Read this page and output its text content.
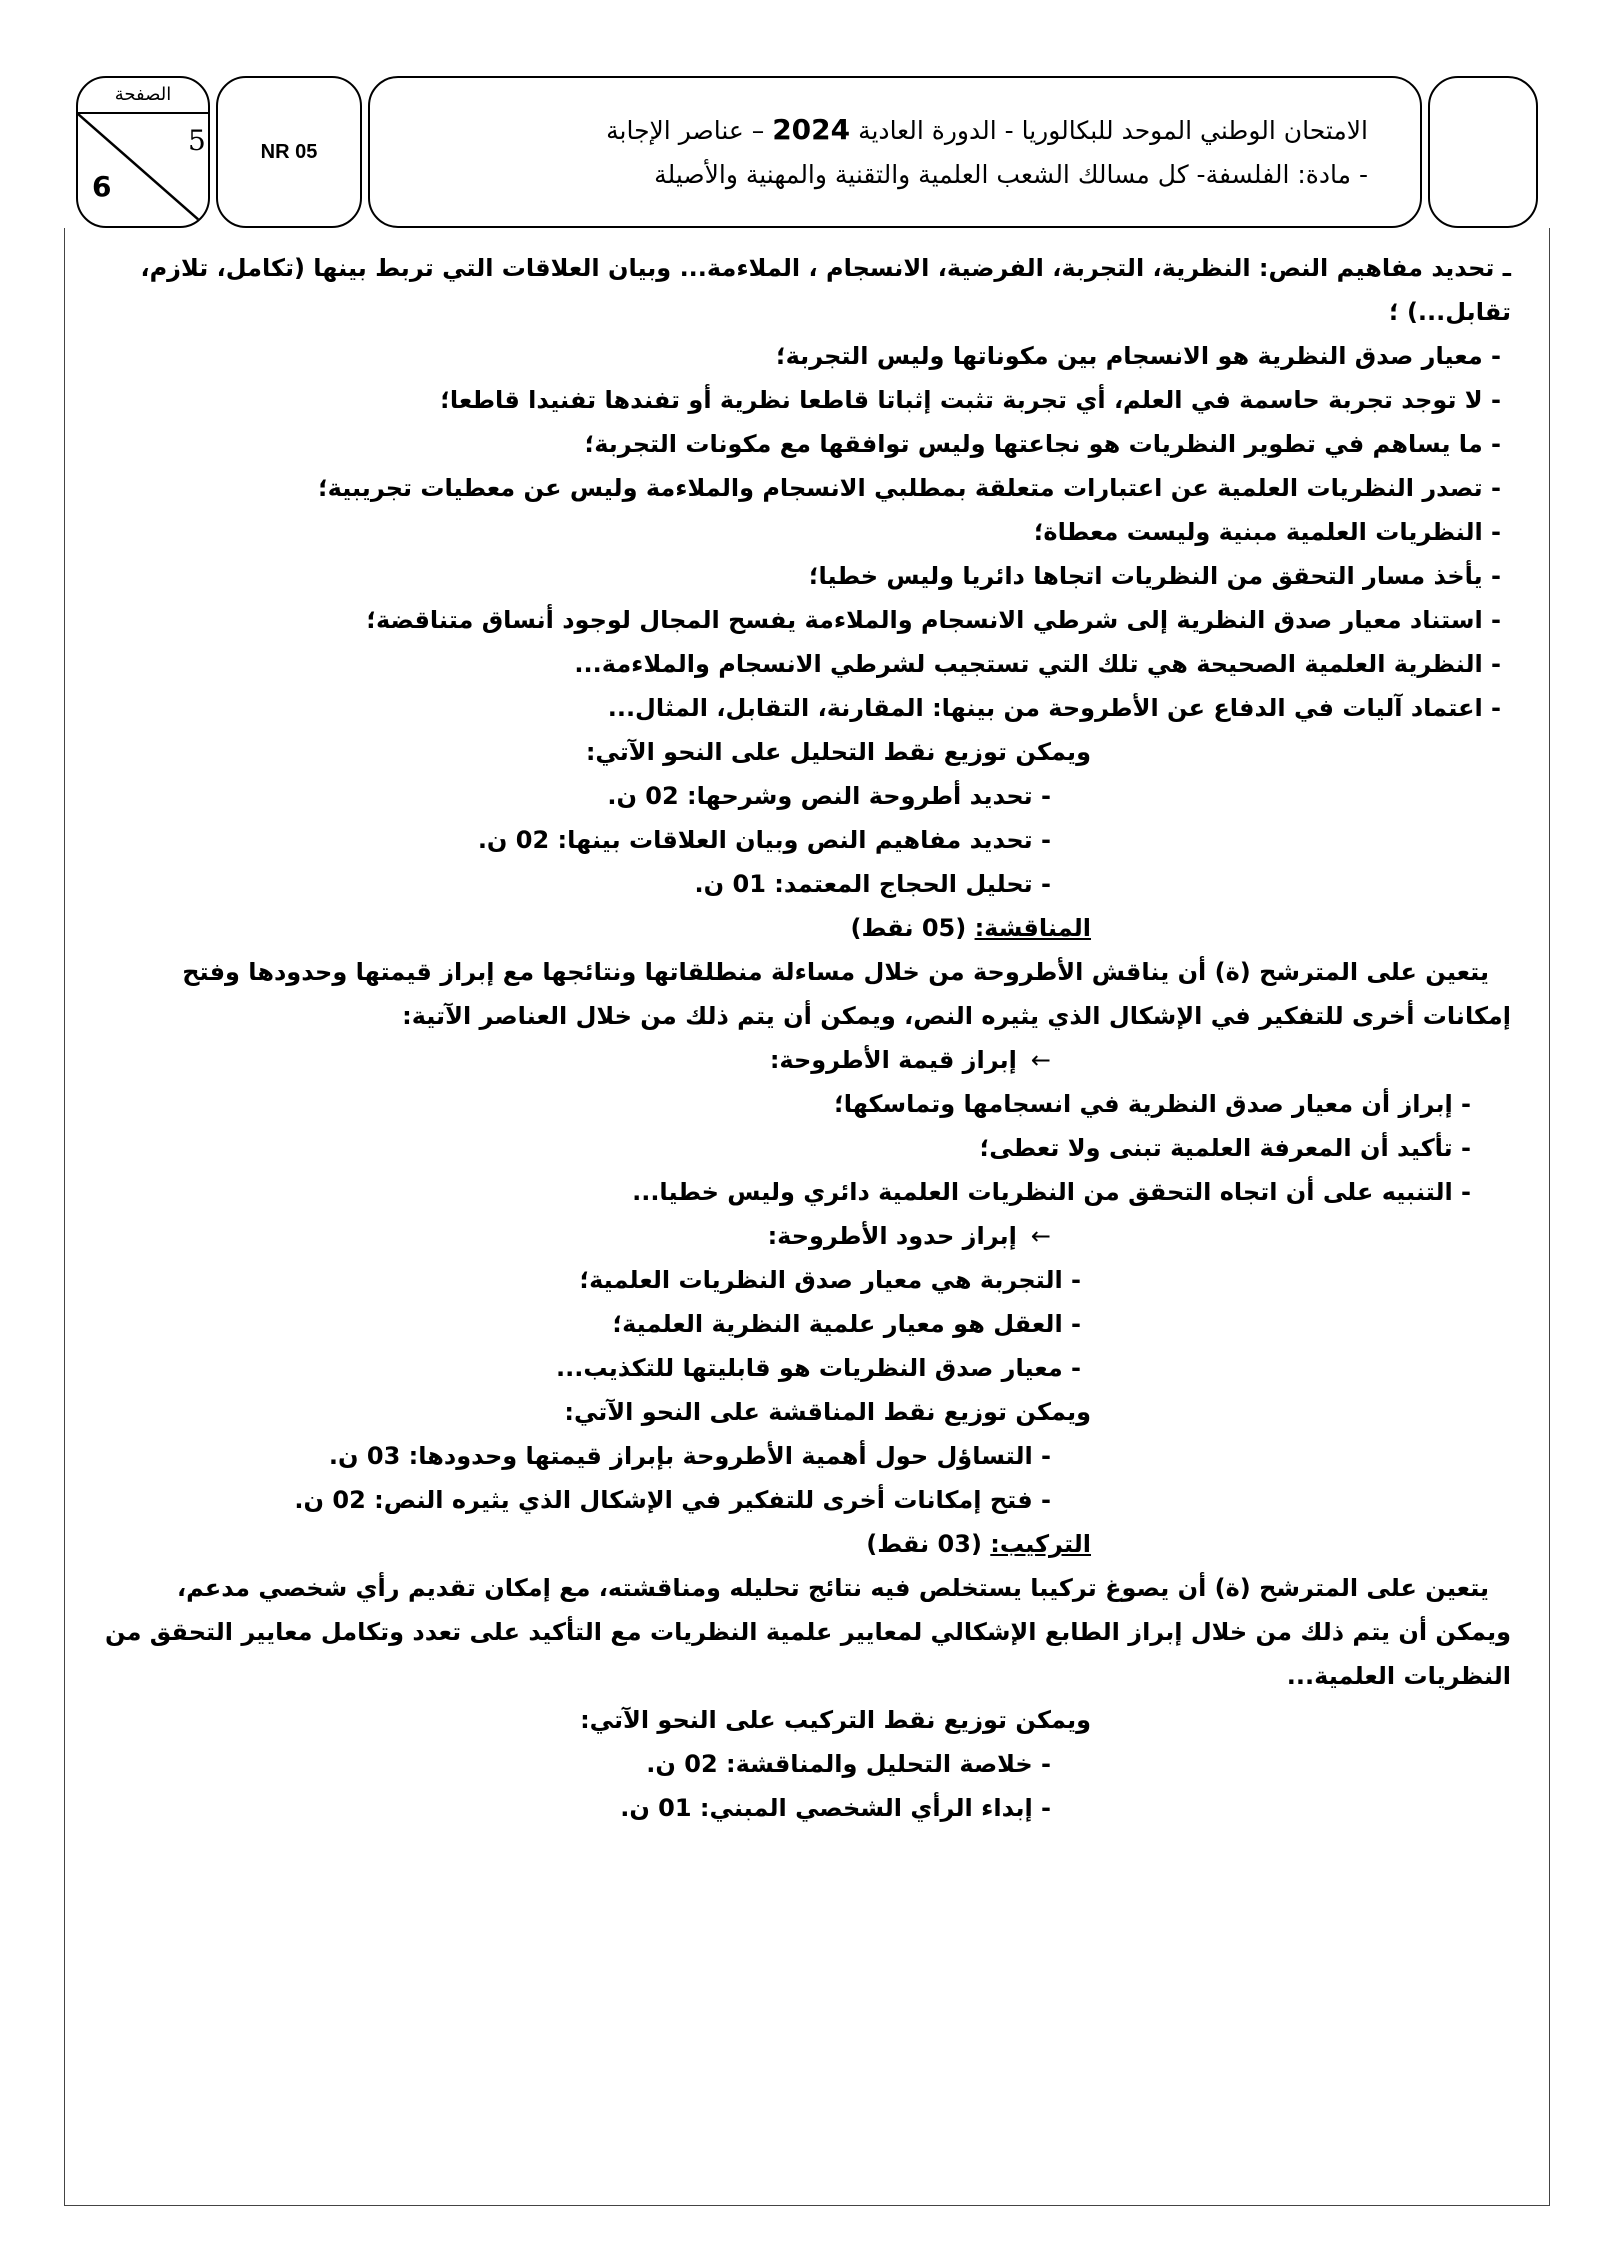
الصفحة
5
6
NR 05
الامتحان الوطني الموحد للبكالوريا - الدورة العادية 2024 – عناصر الإجابة
- مادة: الفلسفة- كل مسالك الشعب العلمية والتقنية والمهنية والأصيلة
ـ تحديد مفاهيم النص: النظرية، التجربة، الفرضية، الانسجام ، الملاءمة... وبيان العلاقات التي تربط بينها (تكامل، تلازم، تقابل...) ؛
- معيار صدق النظرية هو الانسجام بين مكوناتها وليس التجربة؛
- لا توجد تجربة حاسمة في العلم، أي تجربة تثبت إثباتا قاطعا نظرية أو تفندها تفنيدا قاطعا؛
- ما يساهم في تطوير النظريات هو نجاعتها وليس توافقها مع مكونات التجربة؛
- تصدر النظريات العلمية عن اعتبارات متعلقة بمطلبي الانسجام والملاءمة وليس عن معطيات تجريبية؛
- النظريات العلمية مبنية وليست معطاة؛
- يأخذ مسار التحقق من النظريات اتجاها دائريا وليس خطيا؛
- استناد معيار صدق النظرية إلى شرطي الانسجام والملاءمة يفسح المجال لوجود أنساق متناقضة؛
- النظرية العلمية الصحيحة هي تلك التي تستجيب لشرطي الانسجام والملاءمة...
- اعتماد آليات في الدفاع عن الأطروحة من بينها: المقارنة، التقابل، المثال...
ويمكن توزيع نقط التحليل على النحو الآتي:
- تحديد أطروحة النص وشرحها: 02 ن.
- تحديد مفاهيم النص وبيان العلاقات بينها: 02 ن.
- تحليل الحجاج المعتمد: 01 ن.
المناقشة: (05 نقط)
يتعين على المترشح (ة) أن يناقش الأطروحة من خلال مساءلة منطلقاتها ونتائجها مع إبراز قيمتها وحدودها وفتح إمكانات أخرى للتفكير في الإشكال الذي يثيره النص، ويمكن أن يتم ذلك من خلال العناصر الآتية:
←إبراز قيمة الأطروحة:
- إبراز أن معيار صدق النظرية في انسجامها وتماسكها؛
- تأكيد أن المعرفة العلمية تبنى ولا تعطى؛
- التنبيه على أن اتجاه التحقق من النظريات العلمية دائري وليس خطيا...
←إبراز حدود الأطروحة:
- التجربة هي معيار صدق النظريات العلمية؛
- العقل هو معيار علمية النظرية العلمية؛
- معيار صدق النظريات هو قابليتها للتكذيب...
ويمكن توزيع نقط المناقشة على النحو الآتي:
- التساؤل حول أهمية الأطروحة بإبراز قيمتها وحدودها: 03 ن.
- فتح إمكانات أخرى للتفكير في الإشكال الذي يثيره النص: 02 ن.
التركيب: (03 نقط)
يتعين على المترشح (ة) أن يصوغ تركيبا يستخلص فيه نتائج تحليله ومناقشته، مع إمكان تقديم رأي شخصي مدعم، ويمكن أن يتم ذلك من خلال إبراز الطابع الإشكالي لمعايير علمية النظريات مع التأكيد على تعدد وتكامل معايير التحقق من النظريات العلمية...
ويمكن توزيع نقط التركيب على النحو الآتي:
- خلاصة التحليل والمناقشة: 02 ن.
- إبداء الرأي الشخصي المبني: 01 ن.
